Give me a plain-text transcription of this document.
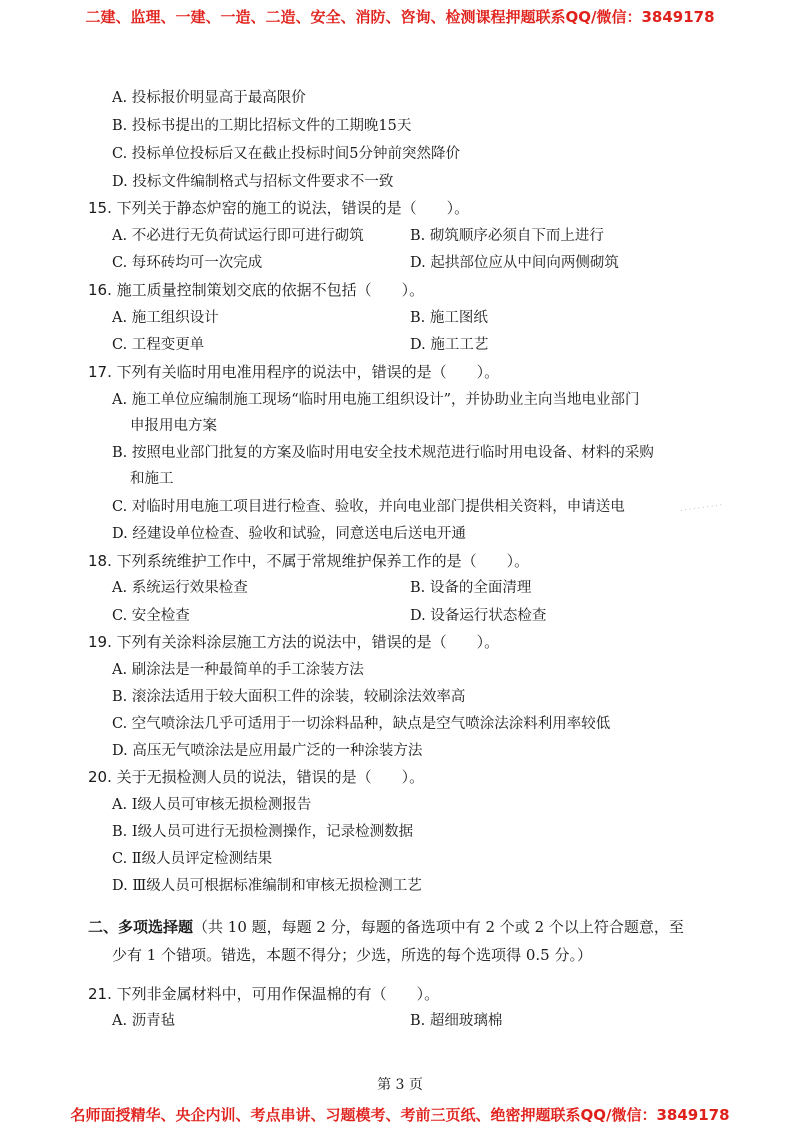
二建、监理、一建、一造、二造、安全、消防、咨询、检测课程押题联系QQ/微信：3849178
A. 投标报价明显高于最高限价
B. 投标书提出的工期比招标文件的工期晚15天
C. 投标单位投标后又在截止投标时间5分钟前突然降价
D. 投标文件编制格式与招标文件要求不一致
15. 下列关于静态炉窑的施工的说法，错误的是（　　）。
A. 不必进行无负荷试运行即可进行砌筑	B. 砌筑顺序必须自下而上进行
C. 每环砖均可一次完成	D. 起拱部位应从中间向两侧砌筑
16. 施工质量控制策划交底的依据不包括（　　）。
A. 施工组织设计	B. 施工图纸
C. 工程变更单	D. 施工工艺
17. 下列有关临时用电准用程序的说法中，错误的是（　　）。
A. 施工单位应编制施工现场“临时用电施工组织设计”，并协助业主向当地电业部门
申报用电方案
B. 按照电业部门批复的方案及临时用电安全技术规范进行临时用电设备、材料的采购
和施工
C. 对临时用电施工项目进行检查、验收，并向电业部门提供相关资料，申请送电
D. 经建设单位检查、验收和试验，同意送电后送电开通
18. 下列系统维护工作中，不属于常规维护保养工作的是（　　）。
A. 系统运行效果检查	B. 设备的全面清理
C. 安全检查	D. 设备运行状态检查
19. 下列有关涂料涂层施工方法的说法中，错误的是（　　）。
A. 刷涂法是一种最简单的手工涂装方法
B. 滚涂法适用于较大面积工件的涂装，较刷涂法效率高
C. 空气喷涂法几乎可适用于一切涂料品种，缺点是空气喷涂法涂料利用率较低
D. 高压无气喷涂法是应用最广泛的一种涂装方法
20. 关于无损检测人员的说法，错误的是（　　）。
A. Ⅰ级人员可审核无损检测报告
B. Ⅰ级人员可进行无损检测操作，记录检测数据
C. Ⅱ级人员评定检测结果
D. Ⅲ级人员可根据标准编制和审核无损检测工艺
二、多项选择题（共 10 题，每题 2 分，每题的备选项中有 2 个或 2 个以上符合题意，至
少有 1 个错项。错选，本题不得分；少选，所选的每个选项得 0.5 分。）
21. 下列非金属材料中，可用作保温棉的有（　　）。
A. 沥青毡	B. 超细玻璃棉
· · · · · · · · · ·
第 3 页
名师面授精华、央企内训、考点串讲、习题模考、考前三页纸、绝密押题联系QQ/微信：3849178
